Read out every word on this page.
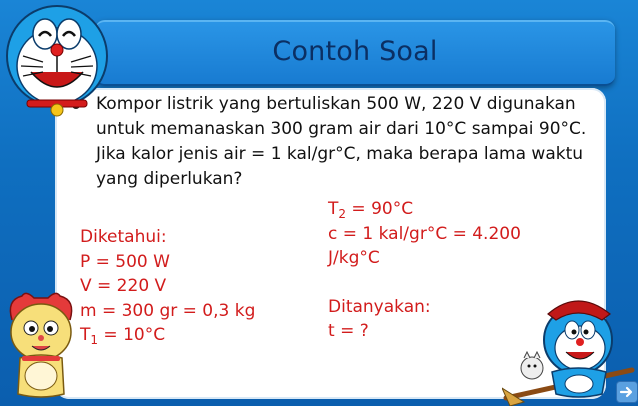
Contoh Soal
Kompor listrik yang bertuliskan 500 W, 220 V digunakan
untuk memanaskan 300 gram air dari 10°C sampai 90°C.
Jika kalor jenis air = 1 kal/gr°C, maka berapa lama waktu
yang diperlukan?
Diketahui:
P = 500 W
V = 220 V
m = 300 gr = 0,3 kg
$T_1 = 10^\circ C$
$T_2 = 90^\circ C$
c = 1 kal/gr°C = 4.200
J/kg°C
Ditanyakan:
t = ?
